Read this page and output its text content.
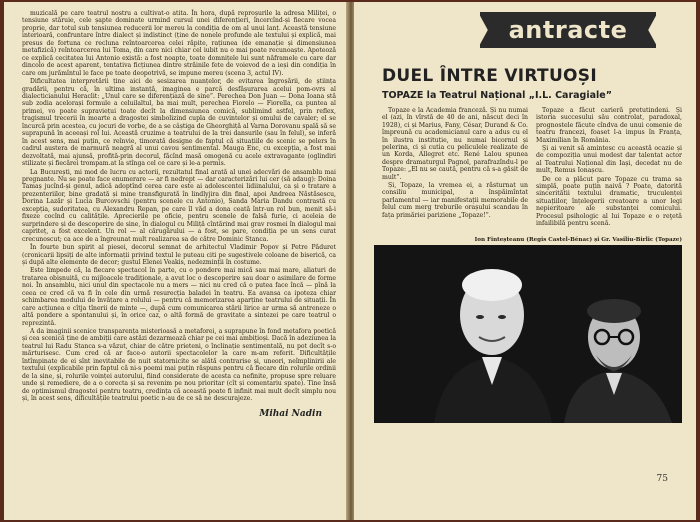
muzicală pe care teatrul nostru a cultivat-o atita. În hora, după reproșurile la adresa Miliței, o tensiune stăruie, cele șapte dominate urmind cursul unei diferențieri, încercînd-și fiecare vocea proprie, dar totul sub tensiunea reducerii lor mereu la condiția de om al unui lanț. Această tensiune interioară, confruntare între dialect și indistinct (ține de nonele profunde ale textului și explică, mai presus de fortuna ce recluna reîntoarcerea celei răpite, rațiunea (de emanație și dimensiunea metafizică) reîntoarcerea lui Toma, din care nici chiar cel iubit nu o mai poate recunoaște. Apoteoză ce explică cecitatea lui Antonio există: a fost noapte, toate domnițele lui sunt năframele cu care dar dincolo de acest aparent, tentativa ficțiunea dintre străinile fete de voievod de a ieși din condiția în care om jurămîntul le face pe toate deopotrivă, se impune mereu (scena 3, actul IV).

Dificultatea interpretării ține aici de sesizarea nuanțelor, de evitarea îngroșării, de știința gradării, pentru că, în ultima instanță, imaginea e parcă desfășurarea acelui pom-ovrs al dialecticianului Heraclit: „Unul care se diferențiază de sine”. Perechea Don Juan — Dona Ioana stă sub zodia acelorași formule a celuilaltul, ba mai mult, perechea Fiorelo — Fiorella, ca puntea al primei, vo poate supraviețui toate decît la dimensiunea comică, sublimind astfel, prin reflex, tragismul trecerii în moarte a dragostei simbolizind cupla de cuvintelor și omului de cavaler; el se încurcă prin acestea, cu jocuri de vorbe, de a se câștiga de Gheorghiță al Varna Dorovanu spală să se suprapună în aceeași rol lui. Această cruzime a teatrului de la trei dansurile (sau în felul), se inferă în acest sens, mai puțin, ce reînvie, timorată designe de faptul că situațiile de scenic se pelers în cadrul austera de marmură neagră al unui cavou sentimental. Mauga Enc, cu excepția, a fost mai dezvoltată, mai ajunsă, profită-prin decorul, făcînd masă omogenă cu acele extravagante (oglindiri stilizate și fiecărei trompam.at la stînga cel ce care și le-a permis.

La București, mi mod de lucru cu actorii, rezultatul final arată al unei adecvări de ansamblu mai pregnante. Nu se poate face enumerare — ar fi nedrept — dar caracterizări lui cer (să adaug): Doina Tamaș jucînd-și genul, adică adoptînd cerea care este ai adolescentei lidiinalului, ca și o tratare a prezenteriilor, bine gradată și mine transfigurată în lindlyjira din final, apoi Andreea Năstăsescu, Dorina Lazăr și Lucia Burcovschi (pentru scenele cu Antonio), Sanda Maria Dandu contrastă cu excepția, sudoritatea, cu Alexandru Repan, pe care îl văd a dona ceată într-un rol bun, menit să-i fixeze cocînd cu calitățile. Aprecierile pe oficie, pentru scenele de falsă furie, ci aceleia de surprindere și de descoperire de sine, în dialogul cu Miliță cîntărind mai grav rosmei în dialogul mai capriteț, a fost excelent. Un rol — al cărugărului — a fost, se pare, condiția pe un sens curat crecunoscut; ca ace de a îngreunat mult realizarea sa de către Dominic Stanca.

În fourte bun spirit al piesei, decorul semnat de arhitectul Vladimir Popov și Petre Păduret (cronicarii lipsiți de alte informații privind textul le puteau citi pe sugestivele coloane de biserică, ca și după alte elemente de decor; gustul Elenei Veakis, nedezminții în costume.

Este limpede că, la fiecare spectacol în parte, cu o pondere mai mică sau mai mare, aliaturi de tratarea obișnuită, cu mijloacele tradiționale, a avut loc o descoperire sau doar o asimilare de forme noi. În ansamblu, nici unul din spectacole nu a mers — nici nu cred că o putea face încă — pînă la ceea ce cred că va fi în cele din urmă resurecția baladei în teatru. Ea avansa ca ipoteza chiar schimbarea modului de învățare a rolului — pentru că memorizarea aparține teatrului de situații. În care acțiunea e cîtja tînerii de minte —, după cum comunicarea stării lirice ar urma să antreneze o altă pondere a spontanului și, în orice caz, o altă formă de gravitate a sintezei pe care teatrul o reprezintă.

A da imaginii scenice transparența misterioasă a metaforei, a suprapune în fond metafora poetică și cea scenică ține de ambiții care astăzi dezarmează chiar pe cei mai ambițioși. Dacă în adeziunea la teatrul lui Radu Stanca s-a văzut, chiar de către prieteni, o înclinație sentimentală, nu pot decît s-o mărturisesc. Cum cred că ar face-o autorii spectacolelor la care m-am referit. Dificultățile întîmpinate de ei sînt inevitabile de nuit statornicite se alătă contrarise și, uneori, neîmplinirii ale textului (explicabile prin faptul că ni-s poemi mai puțin răspuns pentru că fiecare din rolurile ordinii de la sine, și, rolurile voinței autorului, fiind considerate de acesta ca nefinite, propuse spre reluare unde și remediere, de a o corecta și sa revenim pe nou prioritar (cît și comentariu spate). Tine însă de optimismul dragostei pentru teatru, credința că această poate fi infinit mai mult decît simplu nou și, în acest sens, dificultățile teatrului poetic n-au de ce să ne descurajeze.

Mihai Nadin
antracte
DUEL ÎNTRE VIRTUOȘI
TOPAZE la Teatrul Național „I.L. Caragiale”

Topaze e la Academia franceză. Și nu numai el (azi, în vîrstă de 40 de ani, născut deci în 1928), ci și Marius, Fany, César, Durand & Co. împreună cu academicianul care a adus cu el în ilustra instituție, nu numai bicornul și pelerina, ci și cutia cu peliculele realizate de un Korda, Allegret etc. René Lalou spunea despre dramaturgul Pagnol, parafrazîndu-l pe Topaze: „El nu se caută, pentru că s-a găsit de mult”.

Și, Topaze, la vremea ei, a răsturnat un consiliu municipal, a înspăimîntat parlamentul — iar manifestații memorabile de felul cum merg treburile orașului scandau în fața primăriei pariziene „Topaze!”.

Topaze a făcut carieră pretutindeni. Și istoria succesului său controlat, paradoxal, prognostele făcute cîndva de unui comenie de teatru francezi, foaset l-a impus în Franța, Maximilian în România.

Și ai venit să amintesc cu această ocazie și de compoziția unui modest dar talentat actor al Teatrului Național din Iași, decedat nu de mult, Remus Ionașcu.

De ce a plăcut pare Topaze cu trama sa simplă, poate puțin naivă ? Poate, datorită sinceritătii textului dramatic, truculenței situațiilor, înțelegerii creatoare a unor legi nepieritoare ale substanței comicului. Procesul psihologic al lui Topaze e o reţetă infailibilă pentru scenă.

Ion Finteșteanu (Regis Castel-Bénac) și Gr. Vasiliu-Birlic (Topaze)
75
